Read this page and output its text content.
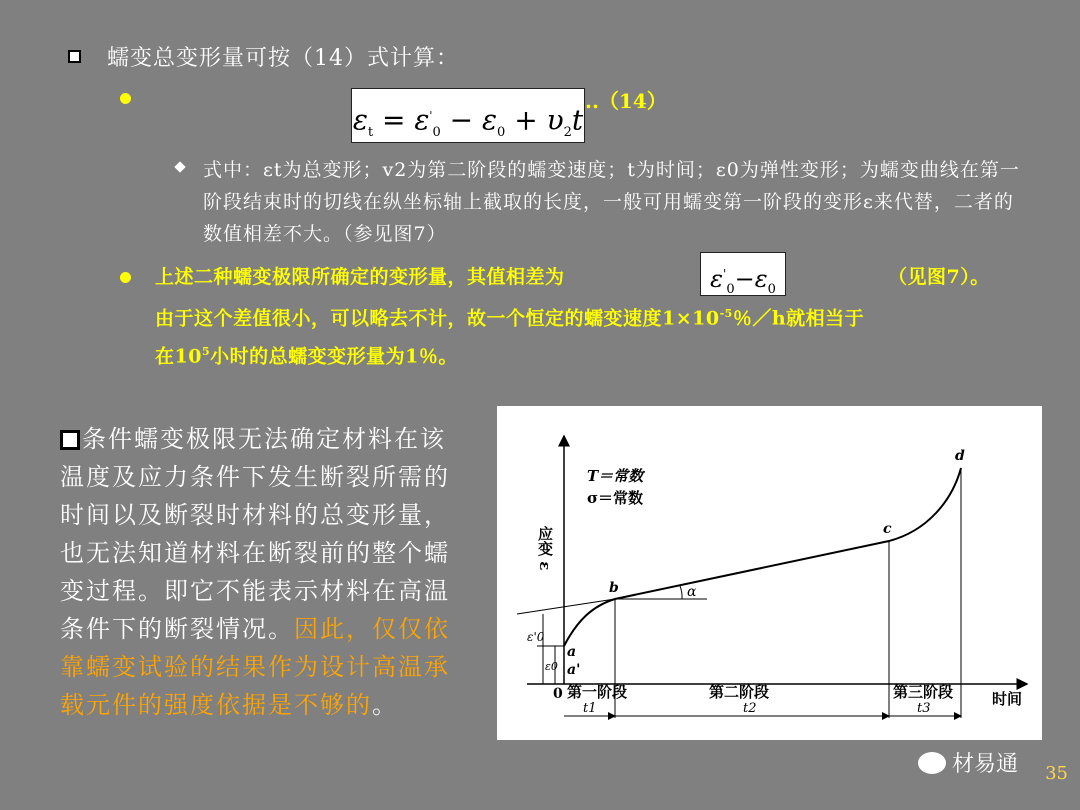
蠕变总变形量可按（14）式计算：
$\varepsilon_t = \varepsilon'_0 - \varepsilon_0 + \upsilon_2t$
..（14）
式中：εt为总变形；v2为第二阶段的蠕变速度；t为时间；ε0为弹性变形；为蠕变曲线在第一阶段结束时的切线在纵坐标轴上截取的长度，一般可用蠕变第一阶段的变形ε来代替，二者的数值相差不大。（参见图7）
上述二种蠕变极限所确定的变形量，其值相差为	$\varepsilon'_0-\varepsilon_0$
（见图7）。
由于这个差值很小，可以略去不计，故一个恒定的蠕变速度$1\times 10^{-5}$％／h就相当于
在$10^5$小时的总蠕变变形量为1％。
条件蠕变极限无法确定材料在该温度及应力条件下发生断裂所需的时间以及断裂时材料的总变形量，也无法知道材料在断裂前的整个蠕变过程。即它不能表示材料在高温条件下的断裂情况。因此，仅仅依靠蠕变试验的结果作为设计高温承载元件的强度依据是不够的。
应变 ε
时间
T＝常数
σ＝常数
α
a
a'
b
c
d
0
ε'0
ε0
第一阶段	第二阶段	第三阶段
t1	t2	t3
材易通 35
